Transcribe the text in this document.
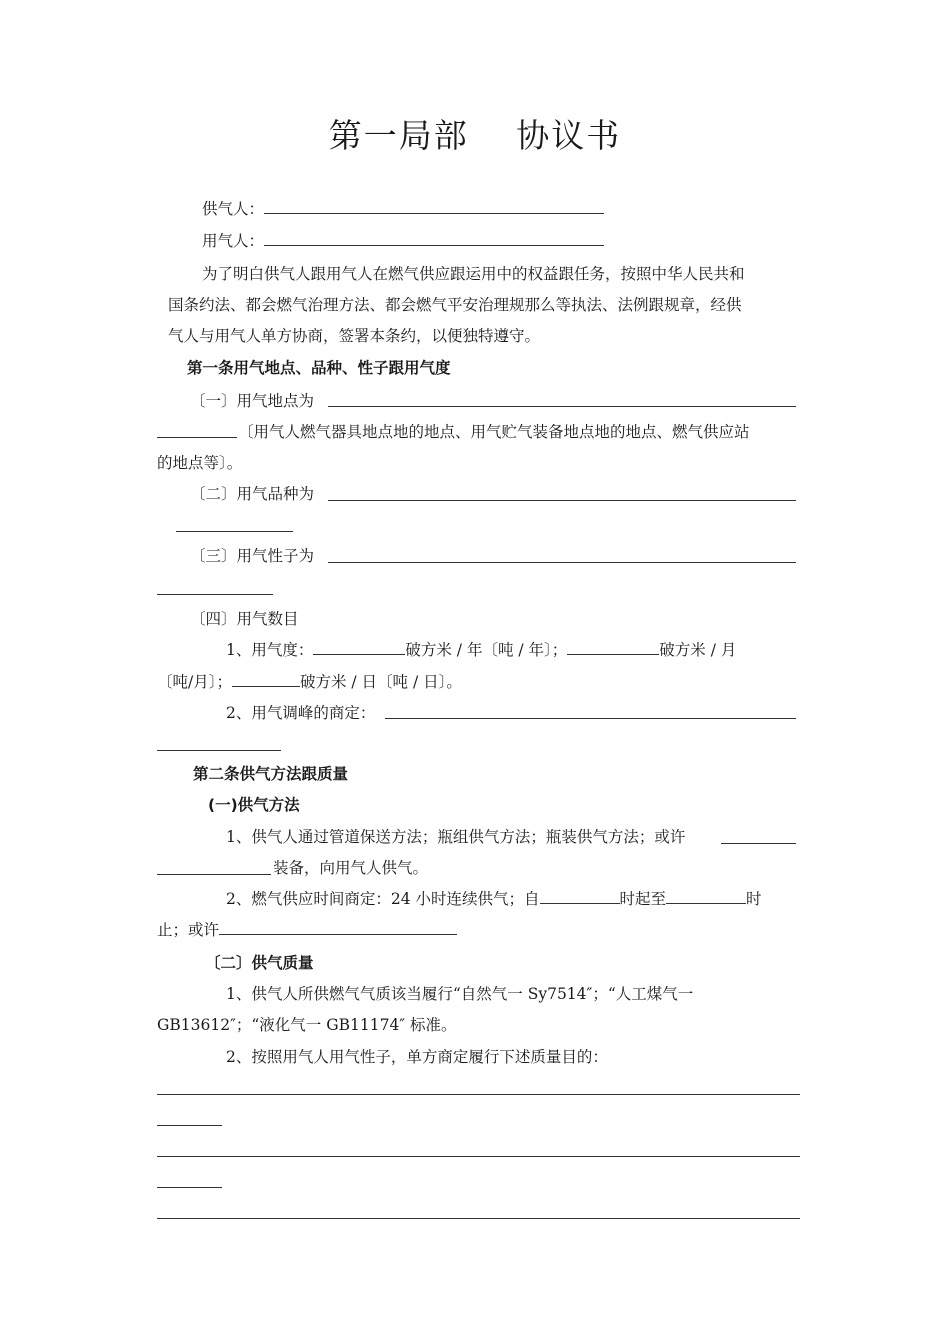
第一局部　 协议书
供气人：
用气人：
为了明白供气人跟用气人在燃气供应跟运用中的权益跟任务，按照中华人民共和
国条约法、都会燃气治理方法、都会燃气平安治理规那么等执法、法例跟规章，经供
气人与用气人单方协商，签署本条约，以便独特遵守。
第一条用气地点、品种、性子跟用气度
〔一〕用气地点为
〔用气人燃气器具地点地的地点、用气贮气装备地点地的地点、燃气供应站
的地点等〕。
〔二〕用气品种为
〔三〕用气性子为
〔四〕用气数目
1、用气度：	破方米 / 年〔吨 / 年〕；	破方米 / 月
〔吨/月〕；	破方米 / 日〔吨 / 日〕。
2、用气调峰的商定：
第二条供气方法跟质量
(一)供气方法
1、供气人通过管道保送方法；瓶组供气方法；瓶装供气方法；或许
装备，向用气人供气。
2、燃气供应时间商定：24 小时连续供气；自	时起至	时
止；或许
〔二〕供气质量
1、供气人所供燃气气质该当履行“自然气一 Sy7514″；“人工煤气一
GB13612″；“液化气一 GB11174″ 标准。
2、按照用气人用气性子，单方商定履行下述质量目的：
